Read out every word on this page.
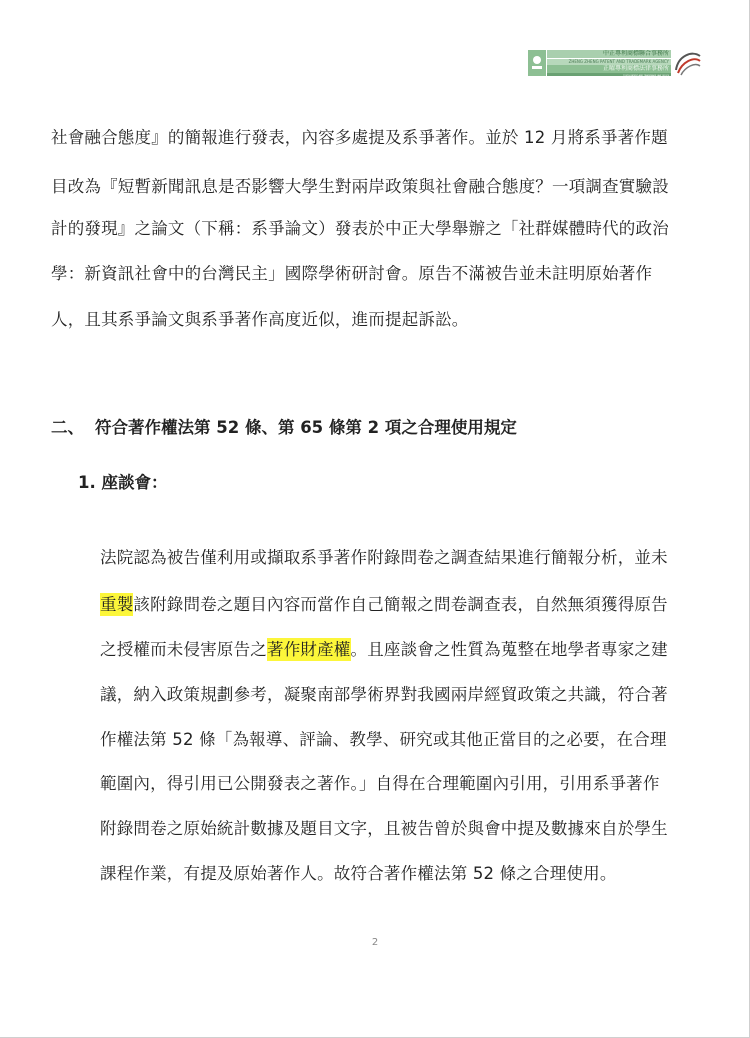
中正專利商標聯合事務所
ZHENG ZHENG PATENT AND TRADEMARK AGENCY
正曜專利商標法律事務所
YOUTH PATENT AND TRADEMARK LAW OFFICE
社會融合態度』的簡報進行發表，內容多處提及系爭著作。並於 12 月將系爭著作題
目改為『短暫新聞訊息是否影響大學生對兩岸政策與社會融合態度？一項調查實驗設
計的發現』之論文（下稱：系爭論文）發表於中正大學舉辦之「社群媒體時代的政治
學：新資訊社會中的台灣民主」國際學術研討會。原告不滿被告並未註明原始著作
人，且其系爭論文與系爭著作高度近似，進而提起訴訟。
二、 符合著作權法第 52 條、第 65 條第 2 項之合理使用規定
1. 座談會：
法院認為被告僅利用或擷取系爭著作附錄問卷之調查結果進行簡報分析，並未
重製該附錄問卷之題目內容而當作自己簡報之問卷調查表，自然無須獲得原告
之授權而未侵害原告之著作財產權。且座談會之性質為蒐整在地學者專家之建
議，納入政策規劃參考，凝聚南部學術界對我國兩岸經貿政策之共識，符合著
作權法第 52 條「為報導、評論、教學、研究或其他正當目的之必要，在合理
範圍內，得引用已公開發表之著作。」自得在合理範圍內引用，引用系爭著作
附錄問卷之原始統計數據及題目文字，且被告曾於與會中提及數據來自於學生
課程作業，有提及原始著作人。故符合著作權法第 52 條之合理使用。
2
